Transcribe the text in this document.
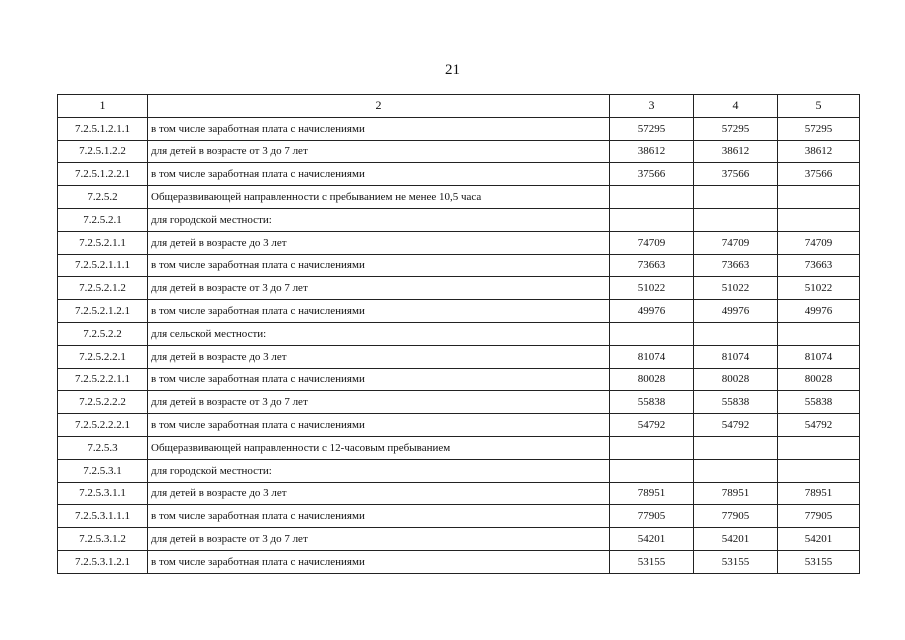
21
1	2	3	4	5
7.2.5.1.2.1.1	в том числе заработная плата с начислениями	57295	57295	57295
7.2.5.1.2.2	для детей в возрасте от 3 до 7 лет	38612	38612	38612
7.2.5.1.2.2.1	в том числе заработная плата с начислениями	37566	37566	37566
7.2.5.2	Общеразвивающей направленности с пребыванием не менее 10,5 часа			
7.2.5.2.1	для городской местности:			
7.2.5.2.1.1	для детей в возрасте до 3 лет	74709	74709	74709
7.2.5.2.1.1.1	в том числе заработная плата с начислениями	73663	73663	73663
7.2.5.2.1.2	для детей в возрасте от 3 до 7 лет	51022	51022	51022
7.2.5.2.1.2.1	в том числе заработная плата с начислениями	49976	49976	49976
7.2.5.2.2	для сельской местности:			
7.2.5.2.2.1	для детей в возрасте до 3 лет	81074	81074	81074
7.2.5.2.2.1.1	в том числе заработная плата с начислениями	80028	80028	80028
7.2.5.2.2.2	для детей в возрасте от 3 до 7 лет	55838	55838	55838
7.2.5.2.2.2.1	в том числе заработная плата с начислениями	54792	54792	54792
7.2.5.3	Общеразвивающей направленности с 12-часовым пребыванием			
7.2.5.3.1	для городской местности:			
7.2.5.3.1.1	для детей в возрасте до 3 лет	78951	78951	78951
7.2.5.3.1.1.1	в том числе заработная плата с начислениями	77905	77905	77905
7.2.5.3.1.2	для детей в возрасте от 3 до 7 лет	54201	54201	54201
7.2.5.3.1.2.1	в том числе заработная плата с начислениями	53155	53155	53155
